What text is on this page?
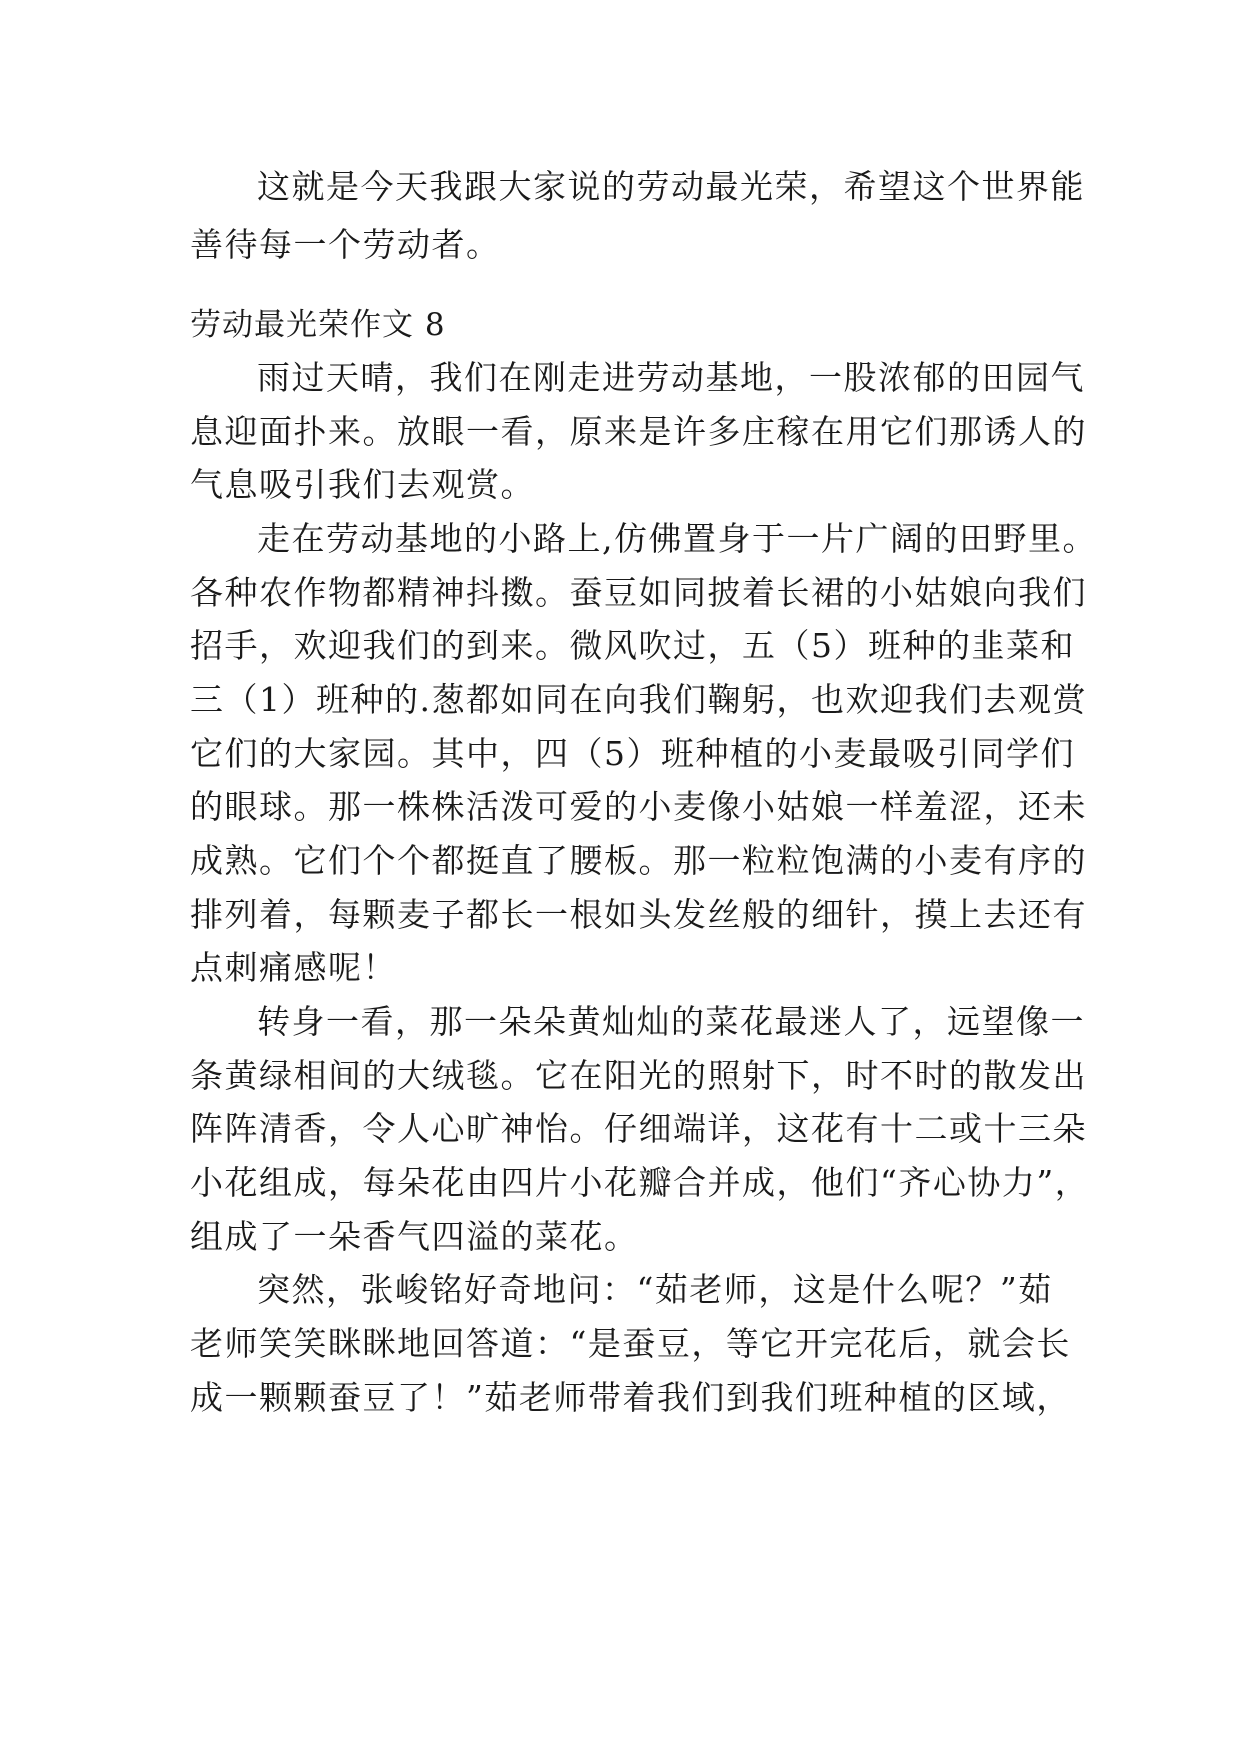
这就是今天我跟大家说的劳动最光荣，希望这个世界能
善待每一个劳动者。
劳动最光荣作文 8
雨过天晴，我们在刚走进劳动基地，一股浓郁的田园气
息迎面扑来。放眼一看，原来是许多庄稼在用它们那诱人的
气息吸引我们去观赏。
走在劳动基地的小路上,仿佛置身于一片广阔的田野里。
各种农作物都精神抖擞。蚕豆如同披着长裙的小姑娘向我们
招手，欢迎我们的到来。微风吹过，五（5）班种的韭菜和
三（1）班种的.葱都如同在向我们鞠躬，也欢迎我们去观赏
它们的大家园。其中，四（5）班种植的小麦最吸引同学们
的眼球。那一株株活泼可爱的小麦像小姑娘一样羞涩，还未
成熟。它们个个都挺直了腰板。那一粒粒饱满的小麦有序的
排列着，每颗麦子都长一根如头发丝般的细针，摸上去还有
点刺痛感呢！
转身一看，那一朵朵黄灿灿的菜花最迷人了，远望像一
条黄绿相间的大绒毯。它在阳光的照射下，时不时的散发出
阵阵清香，令人心旷神怡。仔细端详，这花有十二或十三朵
小花组成，每朵花由四片小花瓣合并成，他们“齐心协力”，
组成了一朵香气四溢的菜花。
突然，张峻铭好奇地问：“茹老师，这是什么呢？”茹
老师笑笑眯眯地回答道：“是蚕豆，等它开完花后，就会长
成一颗颗蚕豆了！”茹老师带着我们到我们班种植的区域，
